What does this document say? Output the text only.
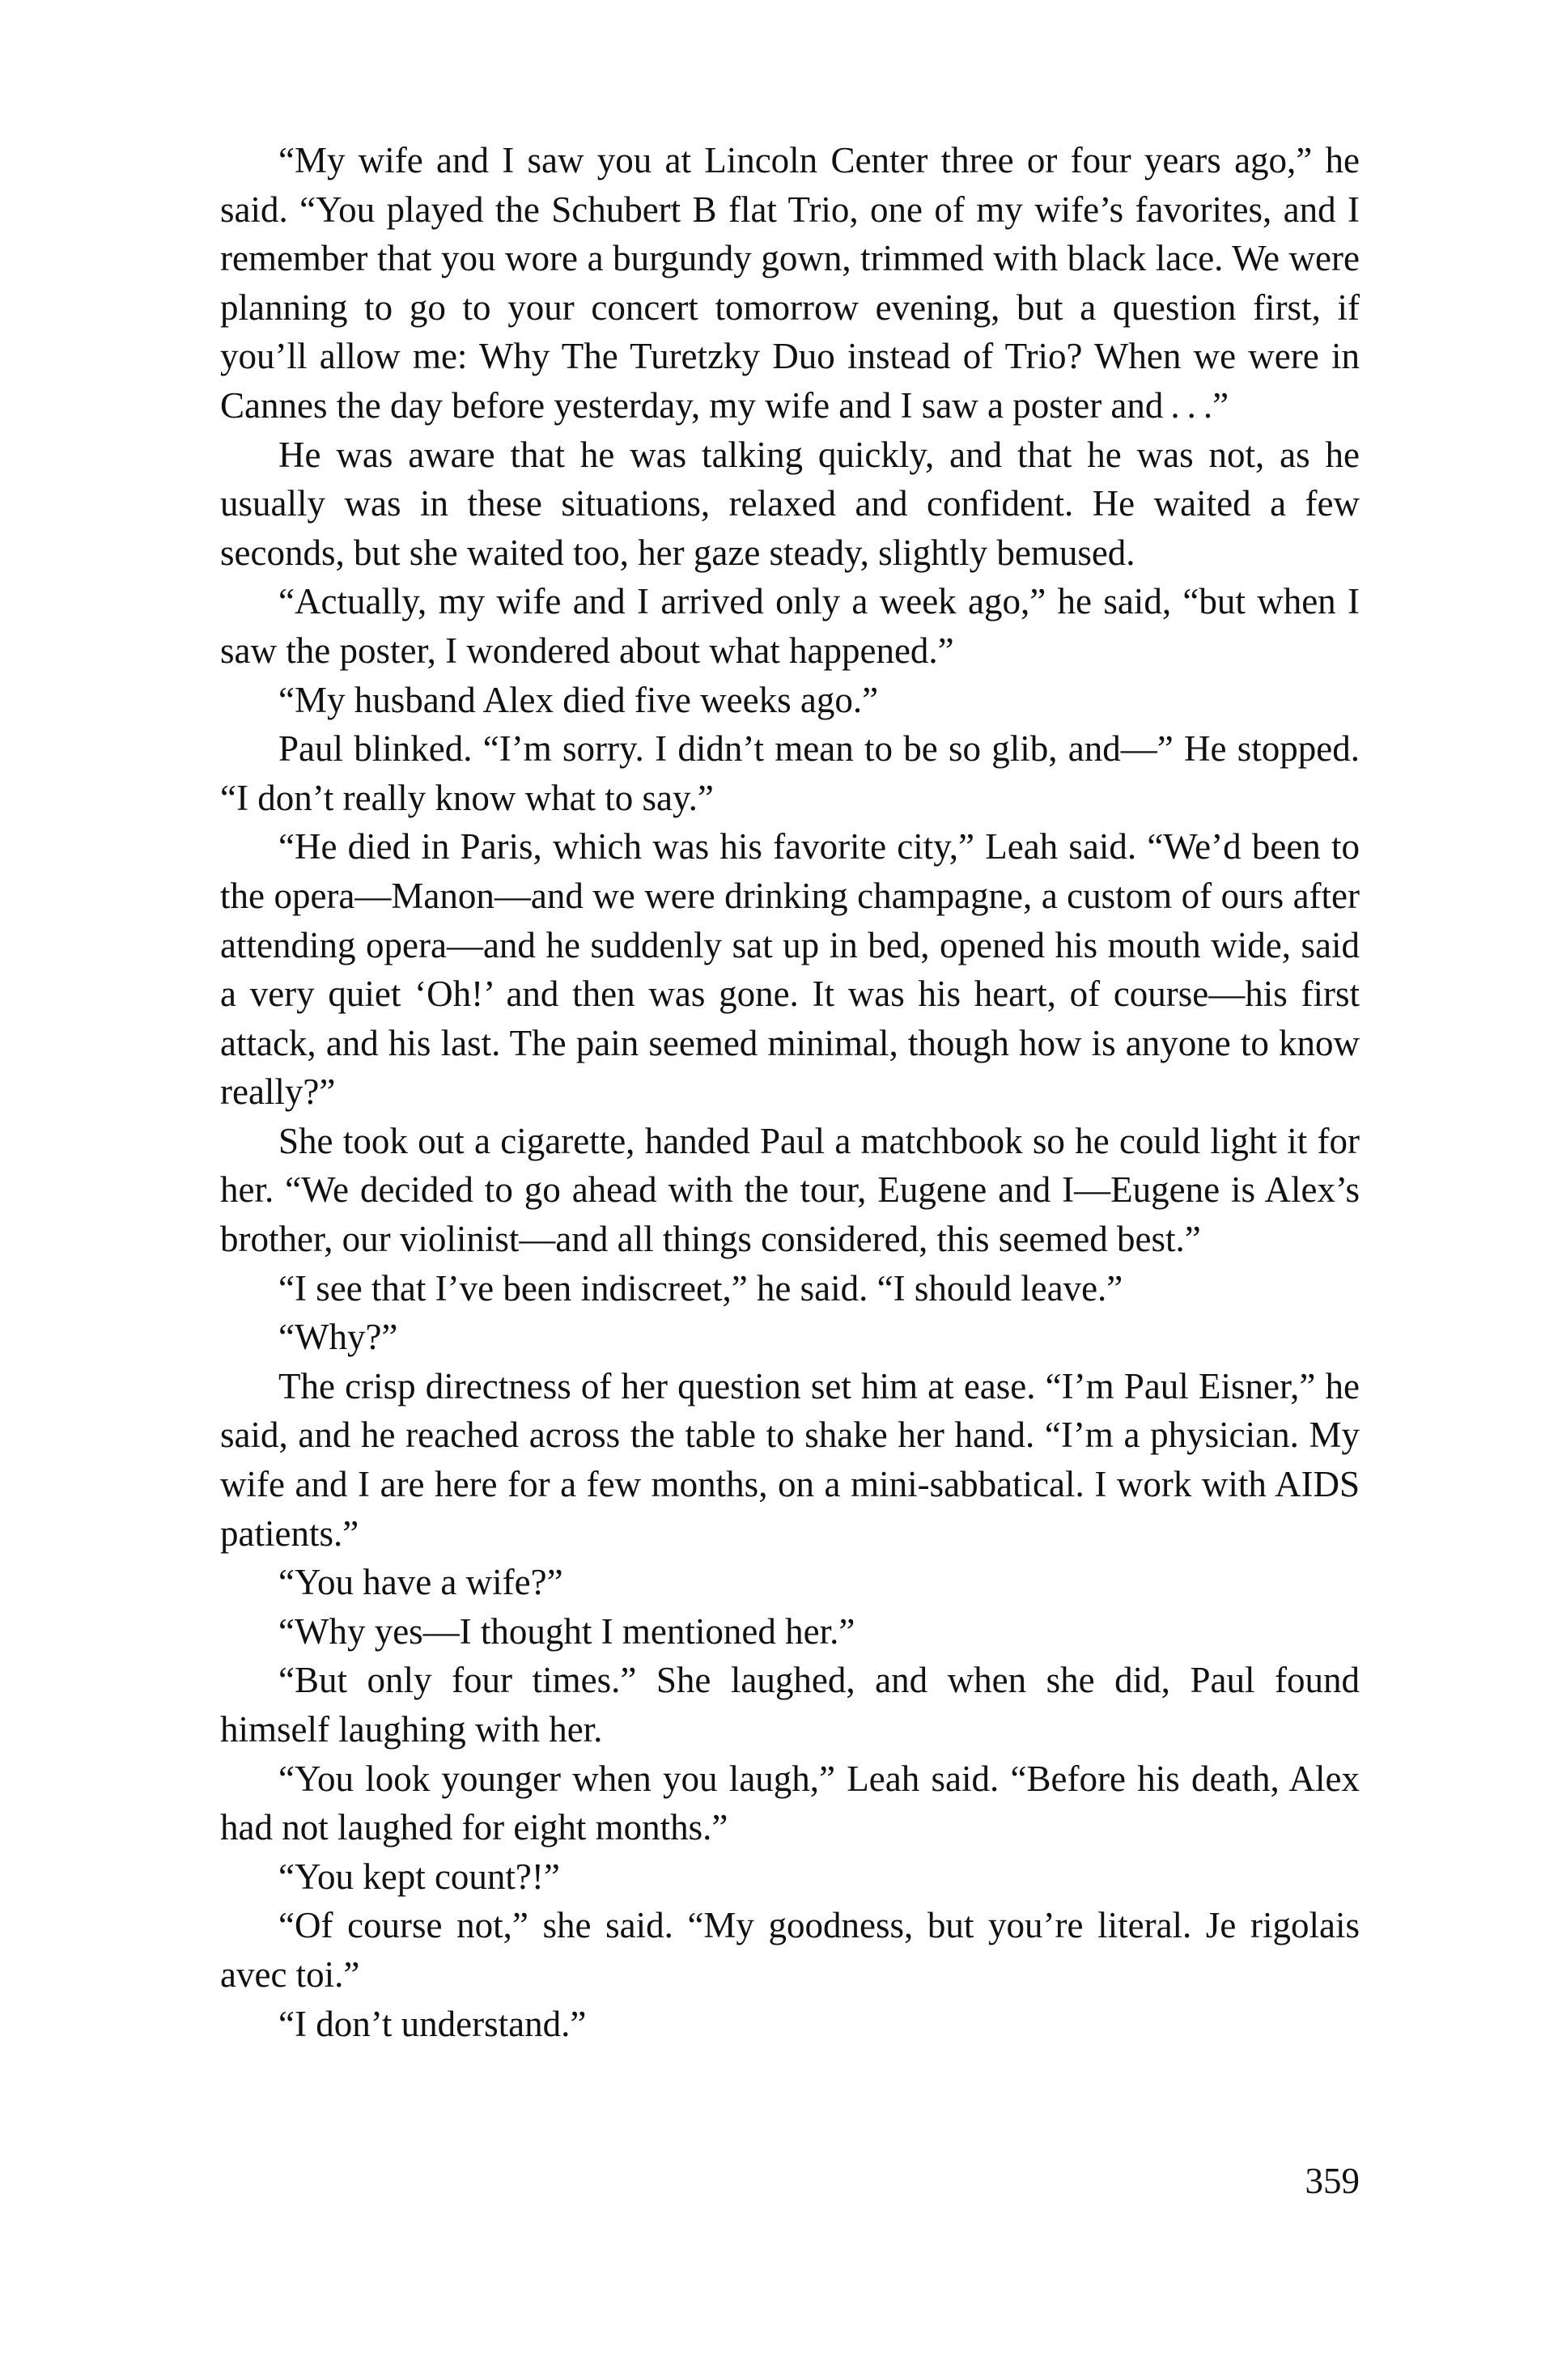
“My wife and I saw you at Lincoln Center three or four years ago,” he said. “You played the Schubert B flat Trio, one of my wife’s favorites, and I remember that you wore a burgundy gown, trimmed with black lace. We were planning to go to your concert tomorrow evening, but a question first, if you’ll allow me: Why The Turetzky Duo instead of Trio? When we were in Cannes the day before yesterday, my wife and I saw a poster and . . .”

He was aware that he was talking quickly, and that he was not, as he usually was in these situations, relaxed and confident. He waited a few seconds, but she waited too, her gaze steady, slightly bemused.

“Actually, my wife and I arrived only a week ago,” he said, “but when I saw the poster, I wondered about what happened.”

“My husband Alex died five weeks ago.”

Paul blinked. “I’m sorry. I didn’t mean to be so glib, and—” He stopped. “I don’t really know what to say.”

“He died in Paris, which was his favorite city,” Leah said. “We’d been to the opera—Manon—and we were drinking champagne, a custom of ours after attending opera—and he suddenly sat up in bed, opened his mouth wide, said a very quiet ‘Oh!’ and then was gone. It was his heart, of course—his first attack, and his last. The pain seemed minimal, though how is anyone to know really?”

She took out a cigarette, handed Paul a matchbook so he could light it for her. “We decided to go ahead with the tour, Eugene and I—Eugene is Alex’s brother, our violinist—and all things considered, this seemed best.”

“I see that I’ve been indiscreet,” he said. “I should leave.”

“Why?”

The crisp directness of her question set him at ease. “I’m Paul Eisner,” he said, and he reached across the table to shake her hand. “I’m a physician. My wife and I are here for a few months, on a mini-sabbatical. I work with AIDS patients.”

“You have a wife?”

“Why yes—I thought I mentioned her.”

“But only four times.” She laughed, and when she did, Paul found himself laughing with her.

“You look younger when you laugh,” Leah said. “Before his death, Alex had not laughed for eight months.”

“You kept count?!”

“Of course not,” she said. “My goodness, but you’re literal. Je rigolais avec toi.”

“I don’t understand.”

359
